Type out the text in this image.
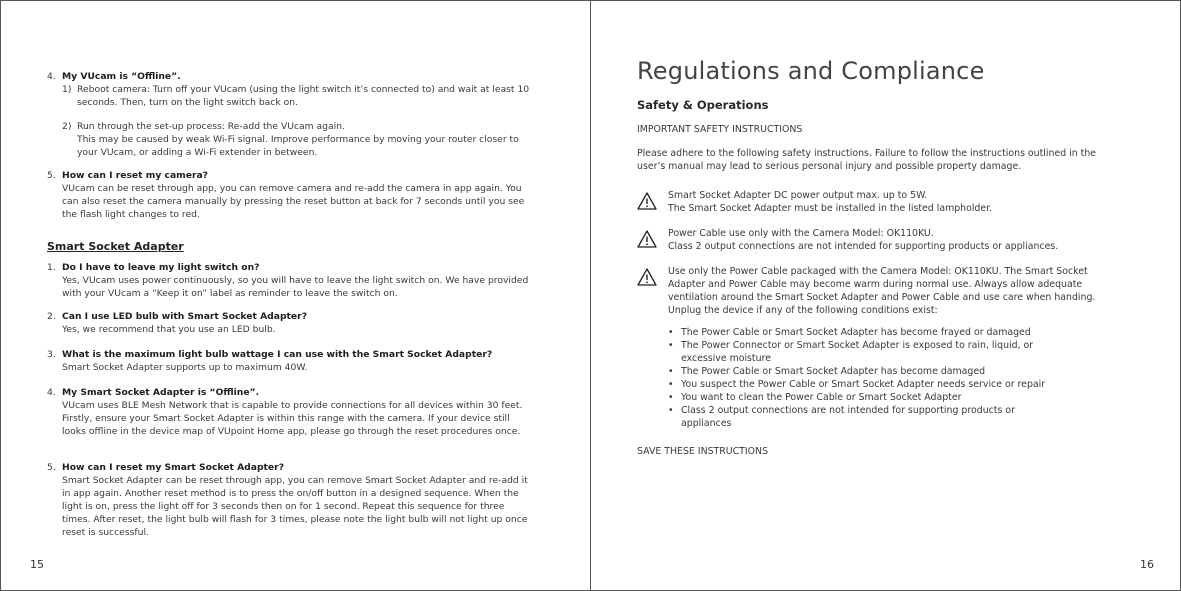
4. My VUcam is “Offline”.
1) Reboot camera: Turn off your VUcam (using the light switch it’s connected to) and wait at least 10 seconds. Then, turn on the light switch back on.
2) Run through the set-up process: Re-add the VUcam again.
This may be caused by weak Wi-Fi signal. Improve performance by moving your router closer to your VUcam, or adding a Wi-Fi extender in between.
5. How can I reset my camera?
VUcam can be reset through app, you can remove camera and re-add the camera in app again. You can also reset the camera manually by pressing the reset button at back for 7 seconds until you see the flash light changes to red.
Smart Socket Adapter
1. Do I have to leave my light switch on?
Yes, VUcam uses power continuously, so you will have to leave the light switch on. We have provided with your VUcam a “Keep it on” label as reminder to leave the switch on.
2. Can I use LED bulb with Smart Socket Adapter?
Yes, we recommend that you use an LED bulb.
3. What is the maximum light bulb wattage I can use with the Smart Socket Adapter?
Smart Socket Adapter supports up to maximum 40W.
4. My Smart Socket Adapter is “Offline”.
VUcam uses BLE Mesh Network that is capable to provide connections for all devices within 30 feet. Firstly, ensure your Smart Socket Adapter is within this range with the camera. If your device still looks offline in the device map of VUpoint Home app, please go through the reset procedures once.
5. How can I reset my Smart Socket Adapter?
Smart Socket Adapter can be reset through app, you can remove Smart Socket Adapter and re-add it in app again. Another reset method is to press the on/off button in a designed sequence. When the light is on, press the light off for 3 seconds then on for 1 second. Repeat this sequence for three times. After reset, the light bulb will flash for 3 times, please note the light bulb will not light up once reset is successful.
15
Regulations and Compliance
Safety & Operations
IMPORTANT SAFETY INSTRUCTIONS
Please adhere to the following safety instructions. Failure to follow the instructions outlined in the user’s manual may lead to serious personal injury and possible property damage.
Smart Socket Adapter DC power output max. up to 5W.
The Smart Socket Adapter must be installed in the listed lampholder.
Power Cable use only with the Camera Model: OK110KU.
Class 2 output connections are not intended for supporting products or appliances.
Use only the Power Cable packaged with the Camera Model: OK110KU. The Smart Socket Adapter and Power Cable may become warm during normal use. Always allow adequate ventilation around the Smart Socket Adapter and Power Cable and use care when handing. Unplug the device if any of the following conditions exist:
• The Power Cable or Smart Socket Adapter has become frayed or damaged
• The Power Connector or Smart Socket Adapter is exposed to rain, liquid, or excessive moisture
• The Power Cable or Smart Socket Adapter has become damaged
• You suspect the Power Cable or Smart Socket Adapter needs service or repair
• You want to clean the Power Cable or Smart Socket Adapter
• Class 2 output connections are not intended for supporting products or appliances
SAVE THESE INSTRUCTIONS
16
